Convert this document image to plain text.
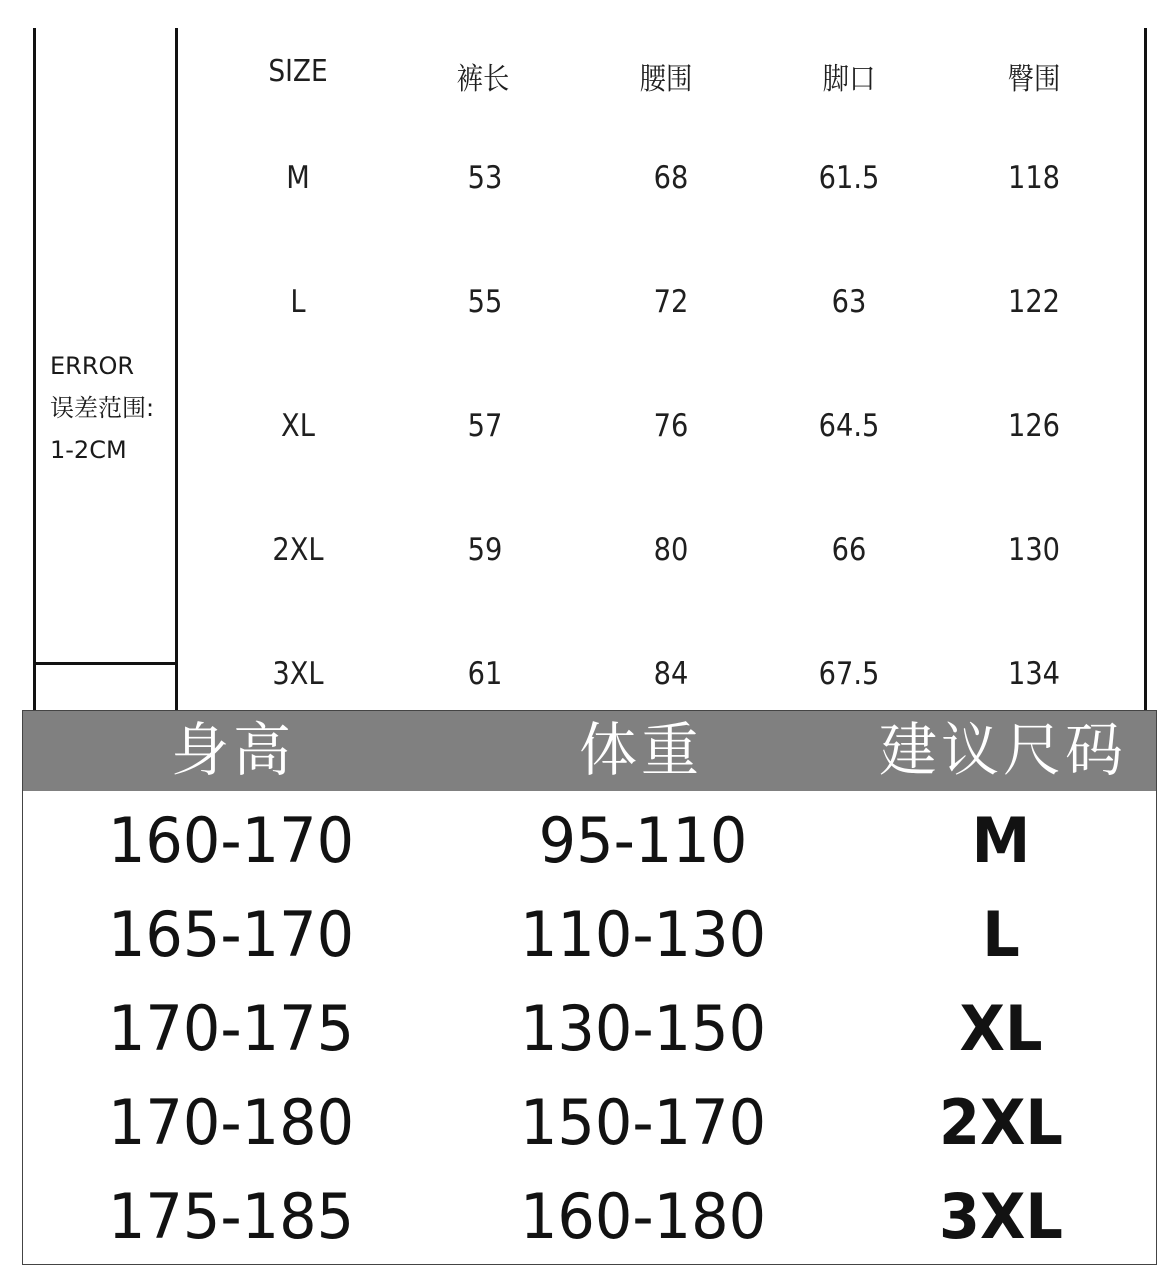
ERROR
误差范围:
1-2CM
SIZE	裤长	腰围	脚口	臀围
M	53	68	61.5	118
L	55	72	63	122
XL	57	76	64.5	126
2XL	59	80	66	130
3XL	61	84	67.5	134
身高	体重	建议尺码
160-170	95-110	M
165-170	110-130	L
170-175	130-150	XL
170-180	150-170	2XL
175-185	160-180	3XL
